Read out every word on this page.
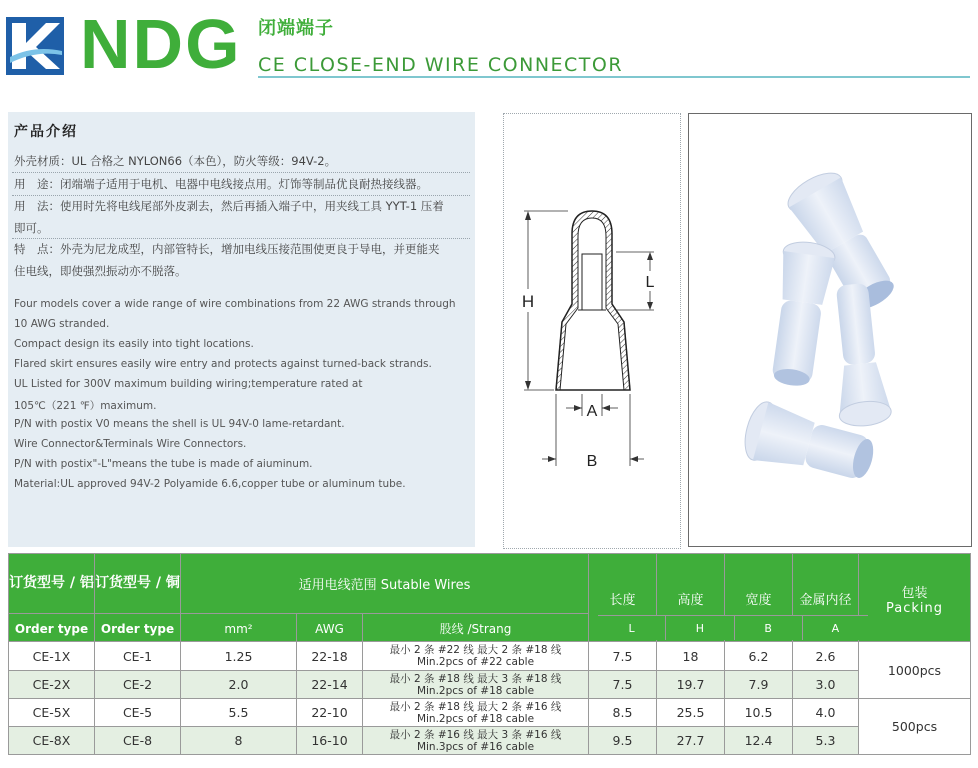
NDG 闭端端子
CE CLOSE-END WIRE CONNECTOR
产品介绍
外壳材质：UL 合格之 NYLON66（本色），防火等级：94V-2。
用　途：闭端端子适用于电机、电器中电线接点用。灯饰等制品优良耐热接线器。
用　法：使用时先将电线尾部外皮剥去，然后再插入端子中，用夹线工具 YYT-1 压着
即可。
特　点：外壳为尼龙成型，内部管特长，增加电线压接范围使更良于导电，并更能夹
住电线，即使强烈振动亦不脱落。
Four models cover a wide range of wire combinations from 22 AWG strands through
10 AWG stranded.
Compact design its easily into tight locations.
Flared skirt ensures easily wire entry and protects against turned-back strands.
UL Listed for 300V maximum building wiring;temperature rated at
105℃（221 ℉）maximum.
P/N with postix V0 means the shell is UL 94V-0 lame-retardant.
Wire Connector&Terminals Wire Connectors.
P/N with postix"-L"means the tube is made of aiuminum.
Material:UL approved 94V-2 Polyamide 6.6,copper tube or aluminum tube.
H
L
A
B
订货型号 / 铝	订货型号 / 铜	适用电线范围 Sutable Wires			长度	高度	宽度	金属内径	包装
Packing

Order type	Order type	mm²	AWG	股线 /Strang						L	H	B	A
CE-1X	CE-1	1.25	22-18	最小 2 条 #22 线 最大 2 条 #18 线
Min.2pcs of #22 cable	7.5	18	6.2	2.6	1000pcs
CE-2X	CE-2	2.0	22-14	最小 2 条 #18 线 最大 3 条 #18 线
Min.2pcs of #18 cable	7.5	19.7	7.9	3.0	
CE-5X	CE-5	5.5	22-10	最小 2 条 #18 线 最大 2 条 #16 线
Min.2pcs of #18 cable	8.5	25.5	10.5	4.0	500pcs
CE-8X	CE-8	8	16-10	最小 2 条 #16 线 最大 3 条 #16 线
Min.3pcs of #16 cable	9.5	27.7	12.4	5.3	
